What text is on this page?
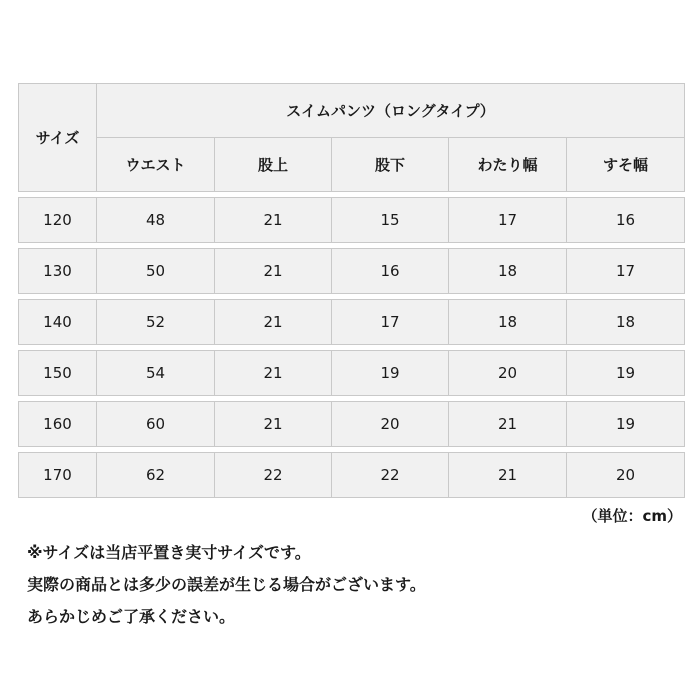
サイズ	スイムパンツ（ロングタイプ）				
	ウエスト	股上	股下	わたり幅	すそ幅

120	48	21	15	17	16

130	50	21	16	18	17

140	52	21	17	18	18

150	54	21	19	20	19

160	60	21	20	21	19

170	62	22	22	21	20
（単位：cm）
※サイズは当店平置き実寸サイズです。
実際の商品とは多少の誤差が生じる場合がございます。
あらかじめご了承ください。
